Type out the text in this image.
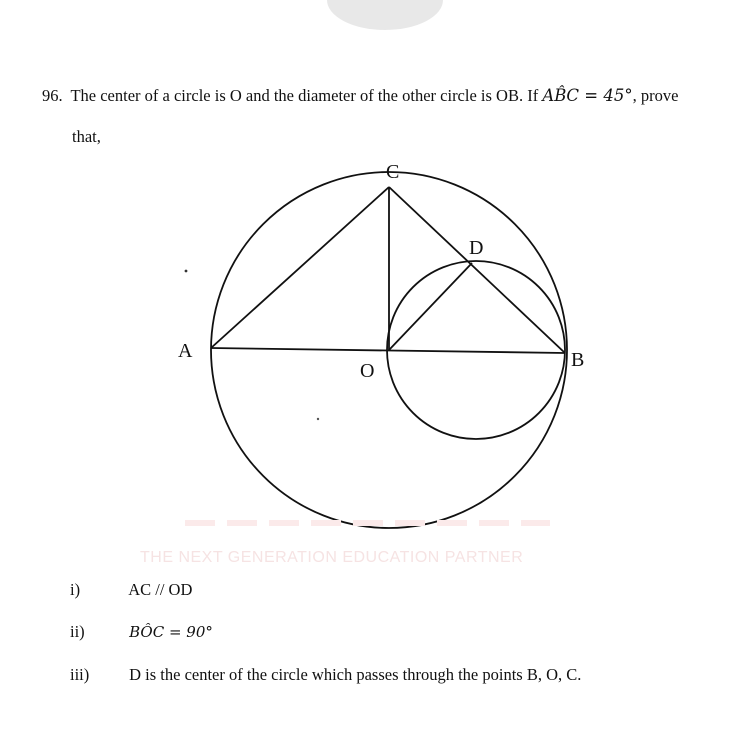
96. The center of a circle is O and the diameter of the other circle is OB. If AB̂C = 45°, prove
that,
C
D
A
O	B
THE NEXT GENERATION EDUCATION PARTNER
i)	AC // OD
ii)	BÔC = 90°
iii) D is the center of the circle which passes through the points B, O, C.
